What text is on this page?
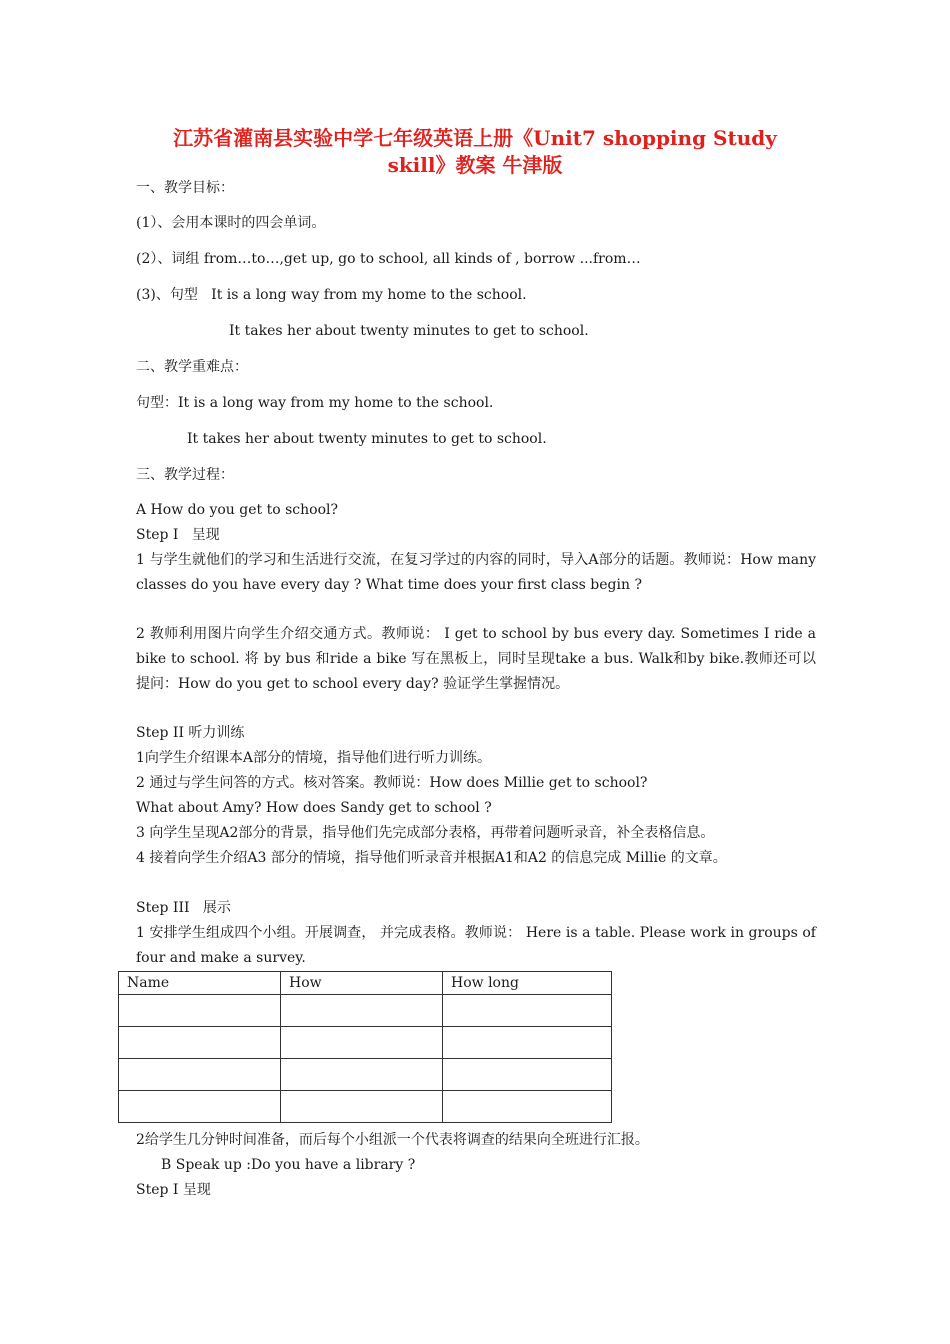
江苏省灌南县实验中学七年级英语上册《Unit7 shopping Study
skill》教案 牛津版
一、教学目标：
(1）、会用本课时的四会单词。
(2）、词组 from…to…,get up, go to school, all kinds of , borrow ...from…
(3)、句型   It is a long way from my home to the school.
It takes her about twenty minutes to get to school.
二、教学重难点：
句型：It is a long way from my home to the school.
It takes her about twenty minutes to get to school.
三、教学过程：
A How do you get to school?
Step I   呈现
1 与学生就他们的学习和生活进行交流，在复习学过的内容的同时，导入A部分的话题。教师说：How many classes do you have every day ? What time does your first class begin ?
2 教师利用图片向学生介绍交通方式。教师说： I get to school by bus every day. Sometimes I ride a bike to school. 将 by bus 和ride a bike 写在黑板上，同时呈现take a bus. Walk和by bike.教师还可以提问：How do you get to school every day? 验证学生掌握情况。
Step II 听力训练
1向学生介绍课本A部分的情境，指导他们进行听力训练。
2 通过与学生问答的方式。核对答案。教师说：How does Millie get to school?
What about Amy? How does Sandy get to school ?
3 向学生呈现A2部分的背景，指导他们先完成部分表格，再带着问题听录音，补全表格信息。
4 接着向学生介绍A3 部分的情境，指导他们听录音并根据A1和A2 的信息完成 Millie 的文章。
Step III   展示
1 安排学生组成四个小组。开展调查， 并完成表格。教师说： Here is a table. Please work in groups of four and make a survey.
Name	How	How long

2给学生几分钟时间准备，而后每个小组派一个代表将调查的结果向全班进行汇报。
B Speak up :Do you have a library ?
Step I 呈现
